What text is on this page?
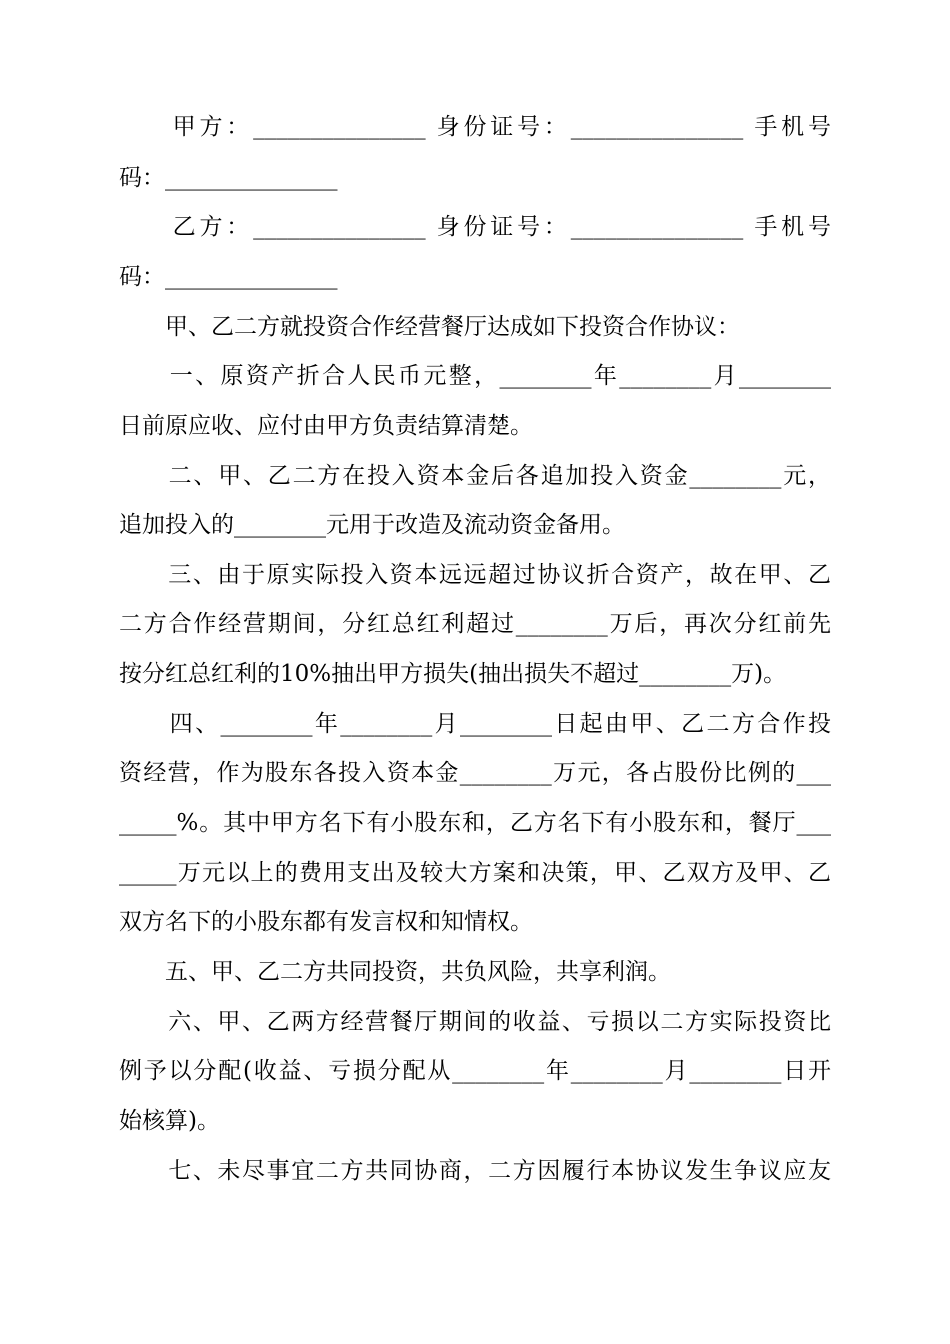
　　甲方：_______________ 身份证号：_______________ 手机号
码：_______________
　　乙方：_______________ 身份证号：_______________ 手机号
码：_______________
　　甲、乙二方就投资合作经营餐厅达成如下投资合作协议：
　　一、原资产折合人民币元整，________年________月________
日前原应收、应付由甲方负责结算清楚。
　　二、甲、乙二方在投入资本金后各追加投入资金________元，
追加投入的________元用于改造及流动资金备用。
　　三、由于原实际投入资本远远超过协议折合资产，故在甲、乙
二方合作经营期间，分红总红利超过________万后，再次分红前先
按分红总红利的10%抽出甲方损失(抽出损失不超过________万)。
　　四、________年________月________日起由甲、乙二方合作投
资经营，作为股东各投入资本金________万元，各占股份比例的___
_____%。其中甲方名下有小股东和，乙方名下有小股东和，餐厅___
_____万元以上的费用支出及较大方案和决策，甲、乙双方及甲、乙
双方名下的小股东都有发言权和知情权。
　　五、甲、乙二方共同投资，共负风险，共享利润。
　　六、甲、乙两方经营餐厅期间的收益、亏损以二方实际投资比
例予以分配(收益、亏损分配从________年________月________日开
始核算)。
　　七、未尽事宜二方共同协商，二方因履行本协议发生争议应友
